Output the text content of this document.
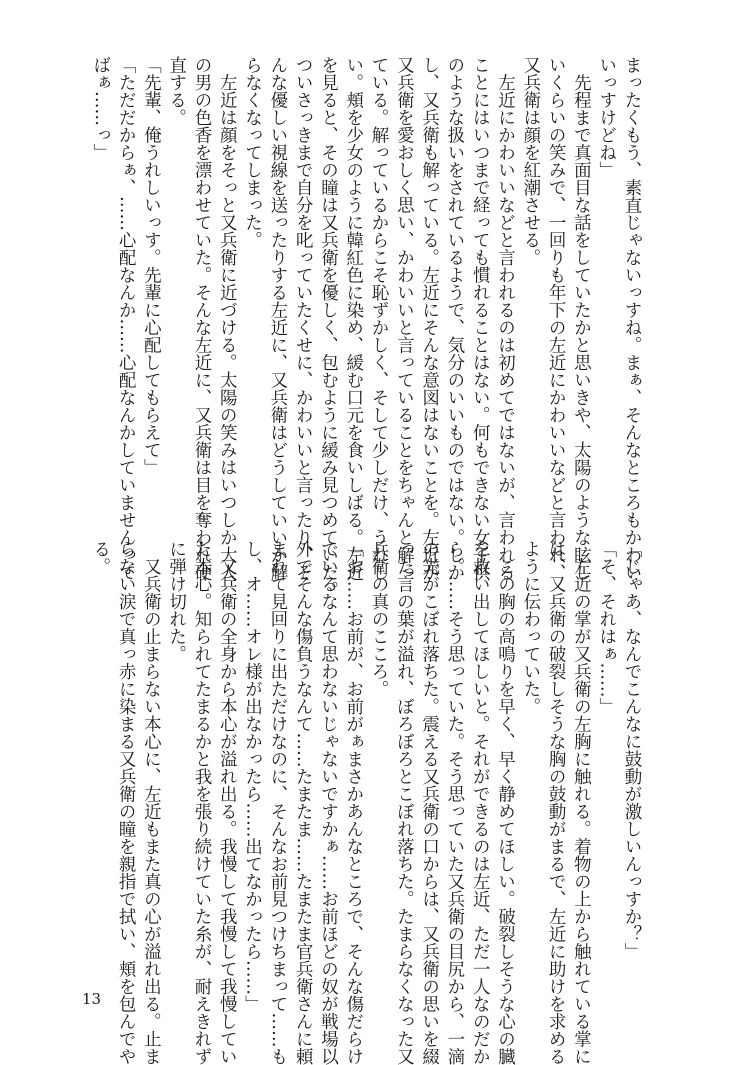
まったくもう、素直じゃないっすね。まぁ、そんなところもかわい
いっすけどね」
　先程まで真面目な話をしていたかと思いきや、太陽のような眩し
いくらいの笑みで、一回りも年下の左近にかわいいなどと言われ、
又兵衛は顔を紅潮させる。
　左近にかわいいなどと言われるのは初めてではないが、言われる
ことにはいつまで経っても慣れることはない。何もできない女子供
のような扱いをされているようで、気分のいいものではない。しか
し、又兵衛も解っている。左近にそんな意図はないことを。左近が
又兵衛を愛おしく思い、かわいいと言っていることをちゃんと解っ
ている。解っているからこそ恥ずかしく、そして少しだけ、うれし
い。頬を少女のように韓紅色に染め、緩む口元を食いしばる。左近
を見ると、その瞳は又兵衛を優しく、包むように緩み見つめていた。
ついさっきまで自分を叱っていたくせに、かわいいと言ったり、そ
んな優しい視線を送ったりする左近に、又兵衛はどうしていいか解
らなくなってしまった。
　左近は顔をそっと又兵衛に近づける。太陽の笑みはいつしか大人
の男の色香を漂わせていた。そんな左近に、又兵衛は目を奪われ硬
直する。
「先輩、俺うれしいっす。先輩に心配してもらえて」
「ただだからぁ、……心配なんか……心配なんかしていませんって
ばぁ……っ」
「じゃあ、なんでこんなに鼓動が激しいんっすか？」
「そ、それはぁ……」
　左近の掌が又兵衛の左胸に触れる。着物の上から触れている掌に
は、又兵衛の破裂しそうな胸の鼓動がまるで、左近に助けを求める
ように伝わっていた。
　この胸の高鳴りを早く、早く静めてほしい。破裂しそうな心の臓
を救い出してほしいと。それができるのは左近、ただ一人なのだか
ら。……そう思っていた。そう思っていた又兵衛の目尻から、一滴
の光がこぼれ落ちた。震える又兵衛の口からは、又兵衛の思いを綴
った言の葉が溢れ、ぼろぼろとこぼれ落ちた。たまらなくなった又
兵衛の真のこころ。
「お……お前が、お前がぁまさかあんなところで、そんな傷だらけ
でいるなんて思わないじゃないですかぁ……お前ほどの奴が戦場以
外でそんな傷負うなんて……たまたま……たまたま官兵衛さんに頼
まれて見回りに出ただけなのに、そんなお前見つけちまって……も
し、オ……オレ様が出なかったら……出てなかったら……」
　又兵衛の全身から本心が溢れ出る。我慢して我慢して我慢してい
た本心。知られてたまるかと我を張り続けていた糸が、耐えきれず
に弾け切れた。
　又兵衛の止まらない本心に、左近もまた真の心が溢れ出る。止ま
らない涙で真っ赤に染まる又兵衛の瞳を親指で拭い、頬を包んでや
る。
13
